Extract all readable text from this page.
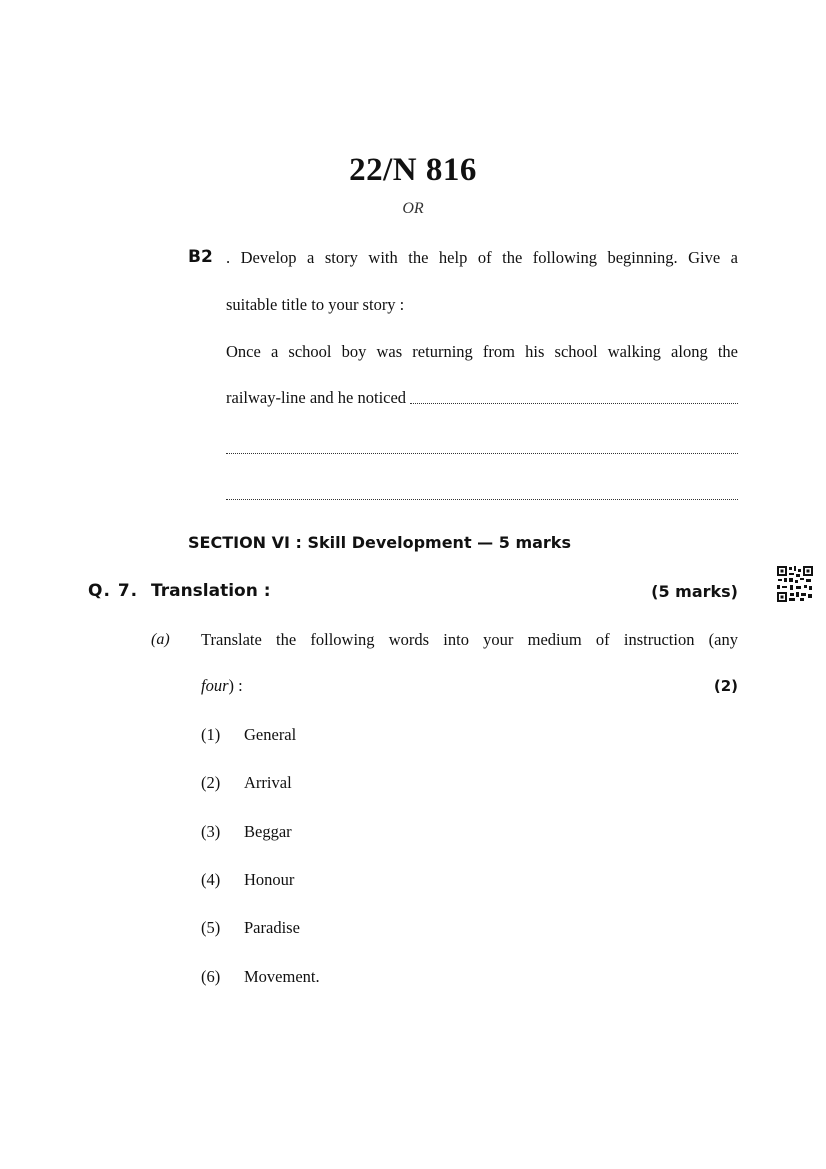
22/N 816
OR
B2 . Develop a story with the help of the following beginning. Give a
suitable title to your story :
Once a school boy was returning from his school walking along the
railway-line and he noticed
SECTION VI : Skill Development — 5 marks
Q. 7. Translation :	(5 marks)
(a) Translate the following words into your medium of instruction (any
four) :	(2)
(1) General
(2) Arrival
(3) Beggar
(4) Honour
(5) Paradise
(6) Movement.
